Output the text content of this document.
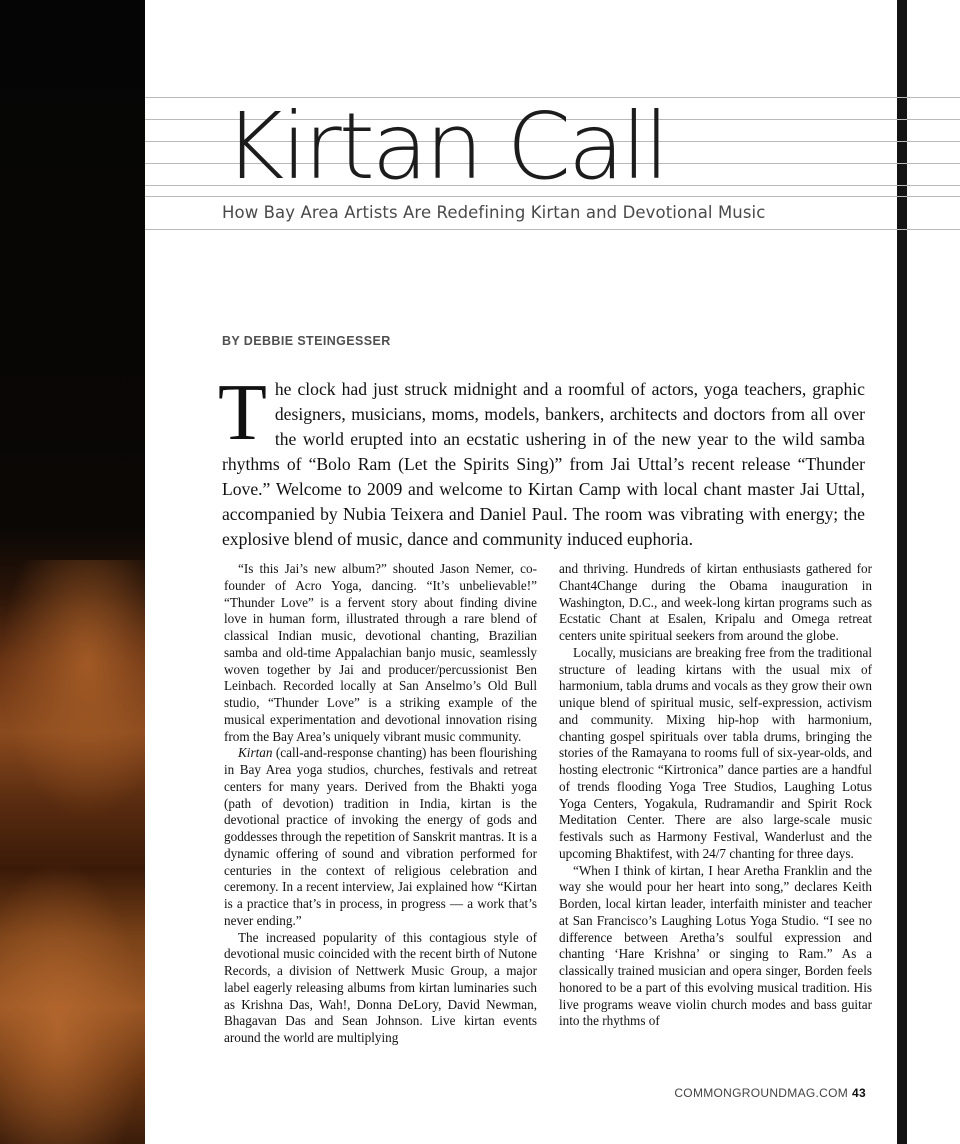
Kirtan Call

How Bay Area Artists Are Redefining Kirtan and Devotional Music

BY DEBBIE STEINGESSER

The clock had just struck midnight and a roomful of actors, yoga teachers, graphic designers, musicians, moms, models, bankers, architects and doctors from all over the world erupted into an ecstatic ushering in of the new year to the wild samba rhythms of “Bolo Ram (Let the Spirits Sing)” from Jai Uttal’s recent release “Thunder Love.” Welcome to 2009 and welcome to Kirtan Camp with local chant master Jai Uttal, accompanied by Nubia Teixera and Daniel Paul. The room was vibrating with energy; the explosive blend of music, dance and community induced euphoria.

“Is this Jai’s new album?” shouted Jason Nemer, co-founder of Acro Yoga, dancing. “It’s unbelievable!” “Thunder Love” is a fervent story about finding divine love in human form, illustrated through a rare blend of classical Indian music, devotional chanting, Brazilian samba and old-time Appalachian banjo music, seamlessly woven together by Jai and producer/percussionist Ben Leinbach. Recorded locally at San Anselmo’s Old Bull studio, “Thunder Love” is a striking example of the musical experimentation and devotional innovation rising from the Bay Area’s uniquely vibrant music community.

Kirtan (call-and-response chanting) has been flourishing in Bay Area yoga studios, churches, festivals and retreat centers for many years. Derived from the Bhakti yoga (path of devotion) tradition in India, kirtan is the devotional practice of invoking the energy of gods and goddesses through the repetition of Sanskrit mantras. It is a dynamic offering of sound and vibration performed for centuries in the context of religious celebration and ceremony. In a recent interview, Jai explained how “Kirtan is a practice that’s in process, in progress — a work that’s never ending.”

The increased popularity of this contagious style of devotional music coincided with the recent birth of Nutone Records, a division of Nettwerk Music Group, a major label eagerly releasing albums from kirtan luminaries such as Krishna Das, Wah!, Donna DeLory, David Newman, Bhagavan Das and Sean Johnson. Live kirtan events around the world are multiplying

and thriving. Hundreds of kirtan enthusiasts gathered for Chant4Change during the Obama inauguration in Washington, D.C., and week-long kirtan programs such as Ecstatic Chant at Esalen, Kripalu and Omega retreat centers unite spiritual seekers from around the globe.

Locally, musicians are breaking free from the traditional structure of leading kirtans with the usual mix of harmonium, tabla drums and vocals as they grow their own unique blend of spiritual music, self-expression, activism and community. Mixing hip-hop with harmonium, chanting gospel spirituals over tabla drums, bringing the stories of the Ramayana to rooms full of six-year-olds, and hosting electronic “Kirtronica” dance parties are a handful of trends flooding Yoga Tree Studios, Laughing Lotus Yoga Centers, Yogakula, Rudramandir and Spirit Rock Meditation Center. There are also large-scale music festivals such as Harmony Festival, Wanderlust and the upcoming Bhaktifest, with 24/7 chanting for three days.

“When I think of kirtan, I hear Aretha Franklin and the way she would pour her heart into song,” declares Keith Borden, local kirtan leader, interfaith minister and teacher at San Francisco’s Laughing Lotus Yoga Studio. “I see no difference between Aretha’s soulful expression and chanting ‘Hare Krishna’ or singing to Ram.” As a classically trained musician and opera singer, Borden feels honored to be a part of this evolving musical tradition. His live programs weave violin church modes and bass guitar into the rhythms of

COMMONGROUNDMAG.COM 43
